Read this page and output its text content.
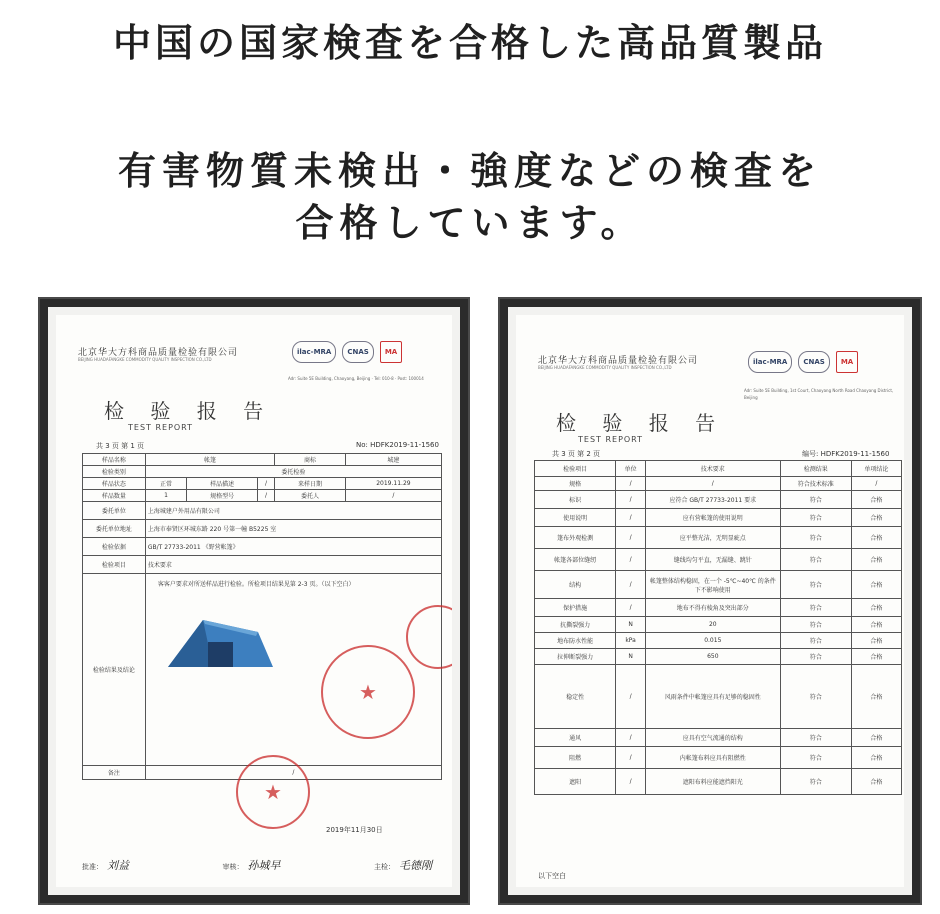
中国の国家検査を合格した高品質製品
有害物質未検出・強度などの検査を
合格しています。
北京华大方科商品质量检验有限公司
BEIJING HUADAFANGKE COMMODITY QUALITY INSPECTION CO.,LTD
ilac-MRA	CNAS	MA
Adr: Suite 5E Building, Chaoyang, Beijing · Tel: 010-8 · Post: 100014
检 验 报 告
TEST REPORT
共 3 页 第 1 页	No: HDFK2019-11-1560
样品名称	帐篷			商标	城建
检验类别	委托检验				
样品状态	正常	样品描述	/	来样日期	2019.11.29
样品数量	1	规格型号	/	委托人	/
委托单位	上海城建户外用品有限公司				
委托单位地址	上海市奉贤区环城东路 220 号第一幢 B5225 室				
检验依据	GB/T 27733-2011 《野营帐篷》				
检验项目	技术要求				
检验结果及结论	客客户要求对所送样品进行检验。所检项目结果见第 2-3 页。（以下空白）				

备注	/				
★
★
2019年11月30日
批准： 刘益	审核： 孙城早	主检： 毛德刚
北京华大方科商品质量检验有限公司
BEIJING HUADAFANGKE COMMODITY QUALITY INSPECTION CO.,LTD
ilac-MRA	CNAS	MA
Adr: Suite 5E Building, 1st Court, Chaoyang North Road Chaoyang District, Beijing
检 验 报 告
TEST REPORT
共 3 页 第 2 页	编号: HDFK2019-11-1560
检验项目	单位	技术要求	检测结果	单项结论
规格	/	/	符合技术标准	/
标识	/	应符合 GB/T 27733-2011 要求	符合	合格
使用说明	/	应有营帐篷的使用说明	符合	合格
篷布外观检测	/	应平整光洁，无明显疵点	符合	合格
帐篷各部位缝纫	/	缝线均匀平直，无漏缝、跳针	符合	合格
结构	/	帐篷整体结构稳固，在一个 -5℃~40℃ 的条件下不影响使用	符合	合格
保护措施	/	地布不得有棱角及突出部分	符合	合格
抗撕裂强力	N	20	符合	合格
地布防水性能	kPa	0.015	符合	合格
拉伸断裂强力	N	650	符合	合格
稳定性	/	风雨条件中帐篷应具有足够的稳固性	符合	合格
通风	/	应具有空气流通的结构	符合	合格
阻燃	/	内帐篷布料应具有阻燃性	符合	合格
遮阳	/	遮阳布料应能遮挡阳光	符合	合格
以下空白
